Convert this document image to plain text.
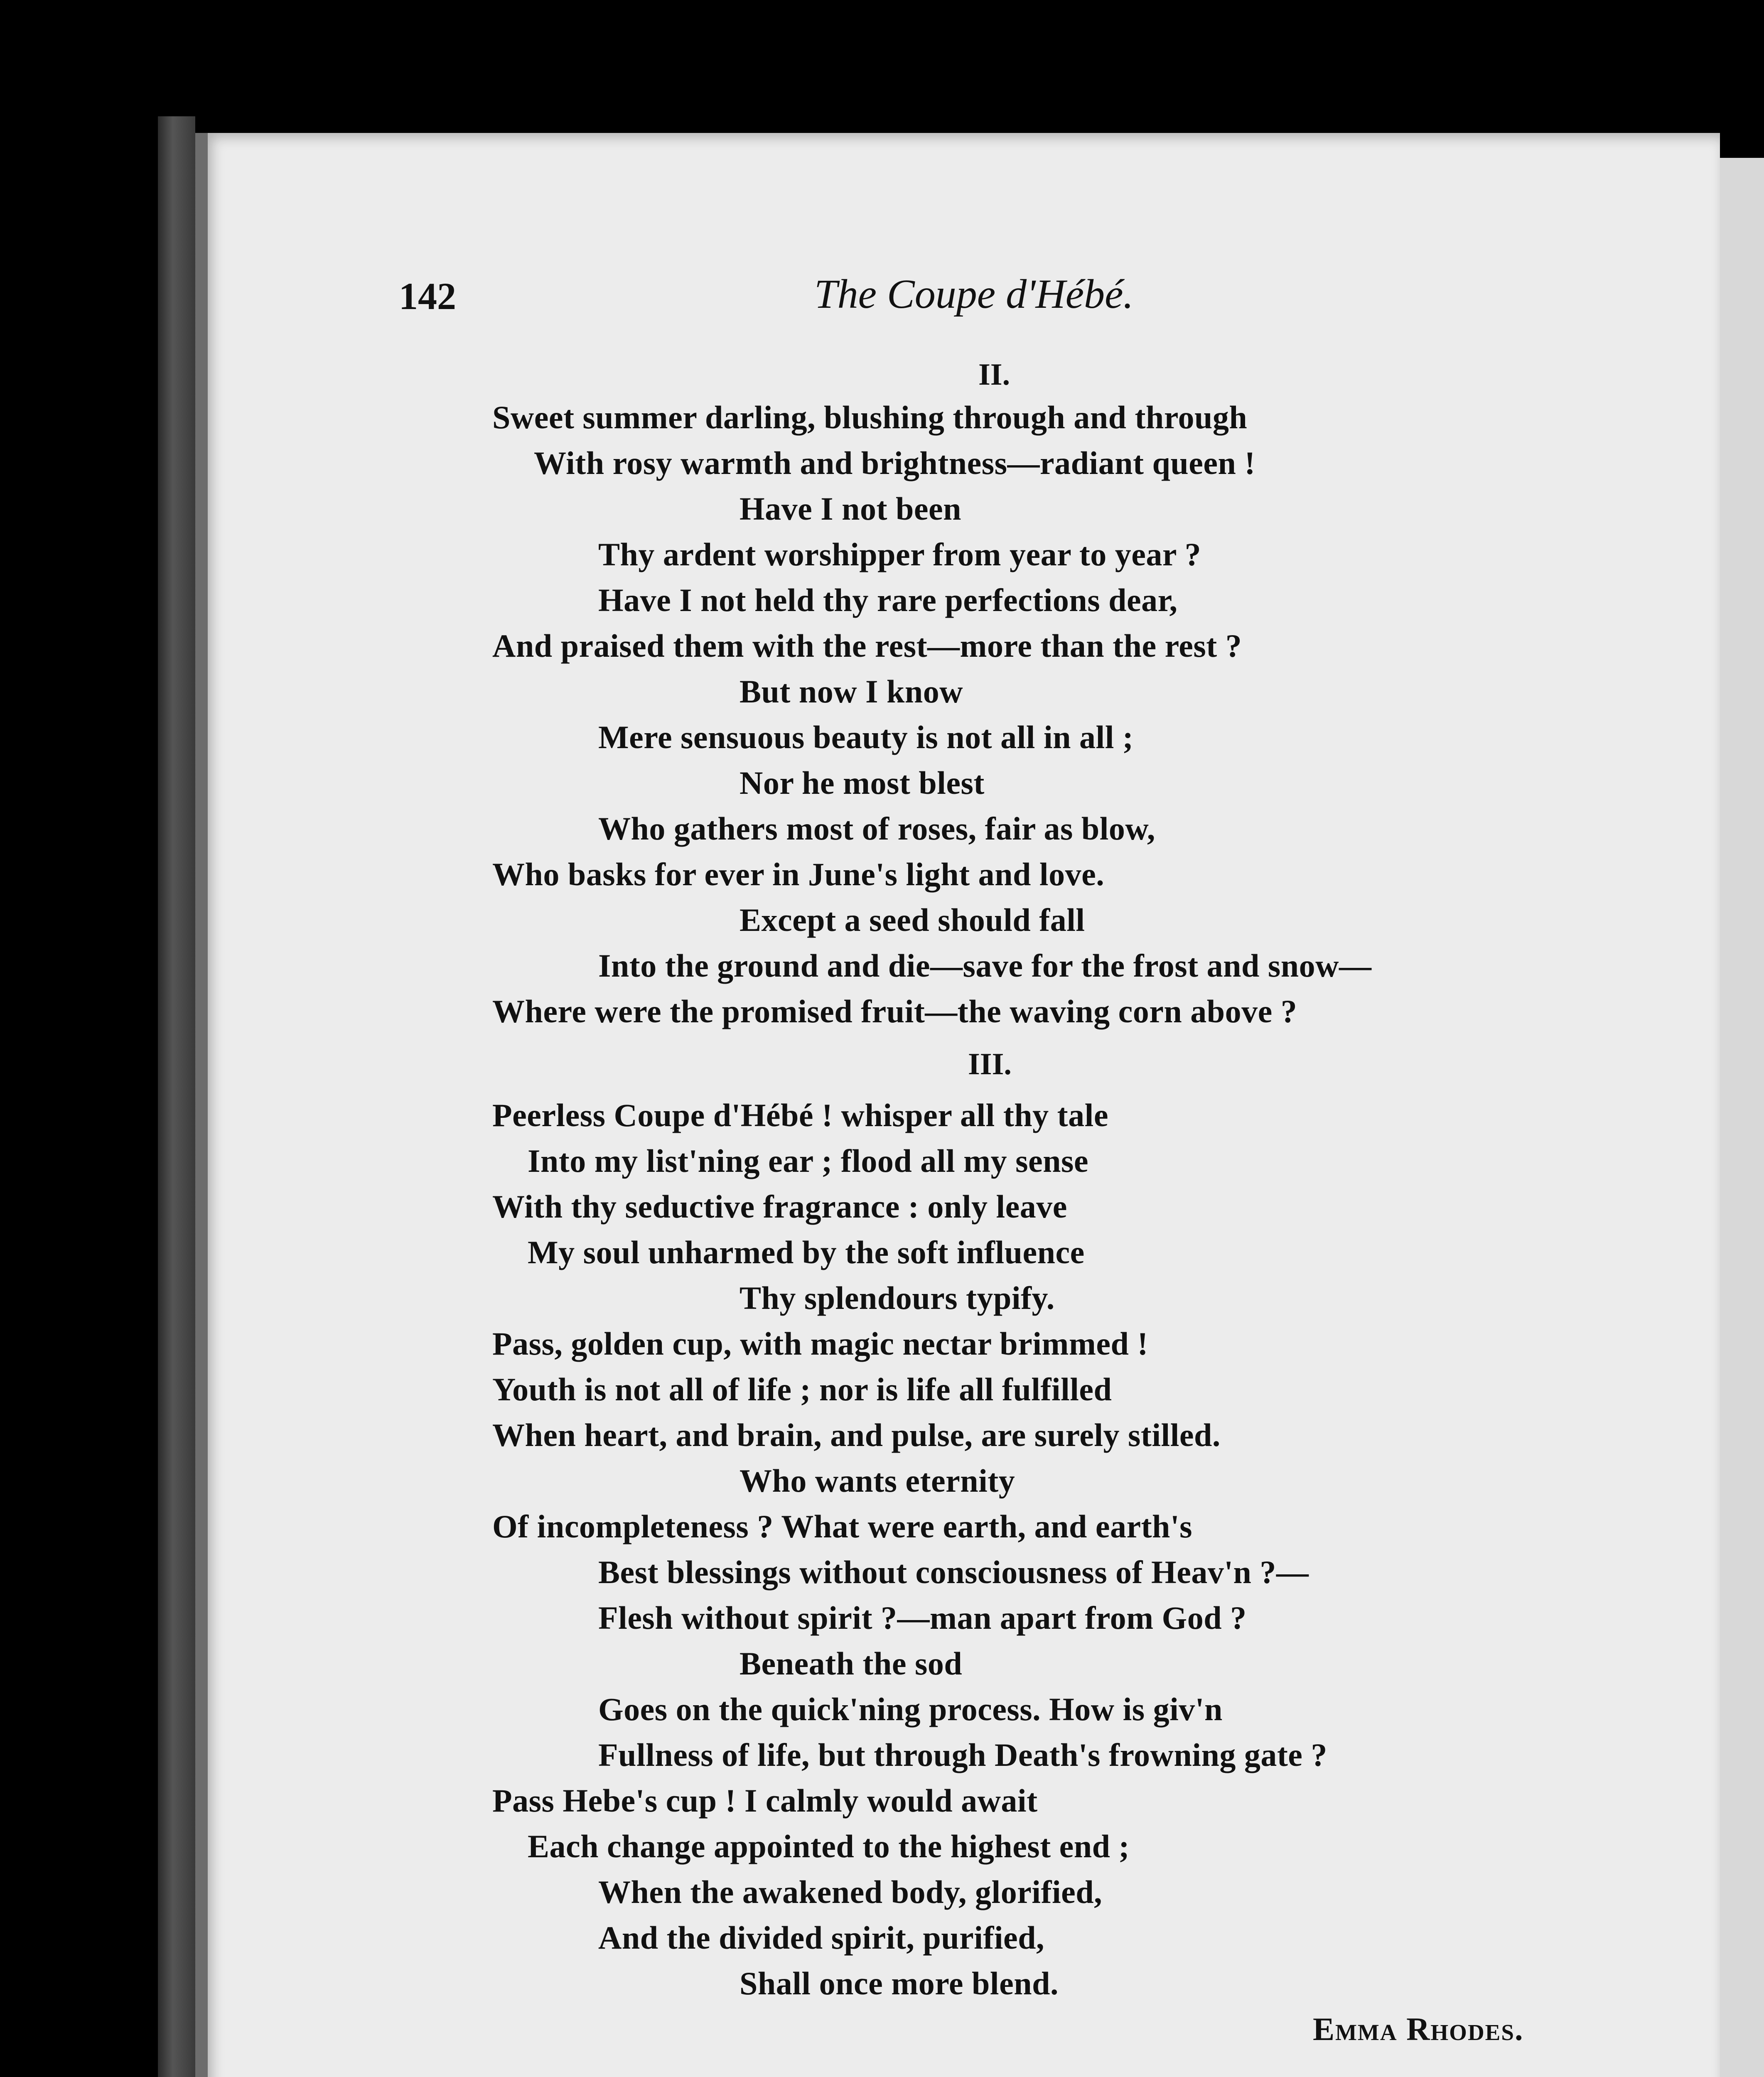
142	The Coupe d'Hébé.
II.
Sweet summer darling, blushing through and through
With rosy warmth and brightness—radiant queen !
Have I not been
Thy ardent worshipper from year to year ?
Have I not held thy rare perfections dear,
And praised them with the rest—more than the rest ?
But now I know
Mere sensuous beauty is not all in all ;
Nor he most blest
Who gathers most of roses, fair as blow,
Who basks for ever in June's light and love.
Except a seed should fall
Into the ground and die—save for the frost and snow—
Where were the promised fruit—the waving corn above ?
III.
Peerless Coupe d'Hébé ! whisper all thy tale
Into my list'ning ear ; flood all my sense
With thy seductive fragrance : only leave
My soul unharmed by the soft influence
Thy splendours typify.
Pass, golden cup, with magic nectar brimmed !
Youth is not all of life ; nor is life all fulfilled
When heart, and brain, and pulse, are surely stilled.
Who wants eternity
Of incompleteness ? What were earth, and earth's
Best blessings without consciousness of Heav'n ?—
Flesh without spirit ?—man apart from God ?
Beneath the sod
Goes on the quick'ning process. How is giv'n
Fullness of life, but through Death's frowning gate ?
Pass Hebe's cup ! I calmly would await
Each change appointed to the highest end ;
When the awakened body, glorified,
And the divided spirit, purified,
Shall once more blend.
Emma Rhodes.
